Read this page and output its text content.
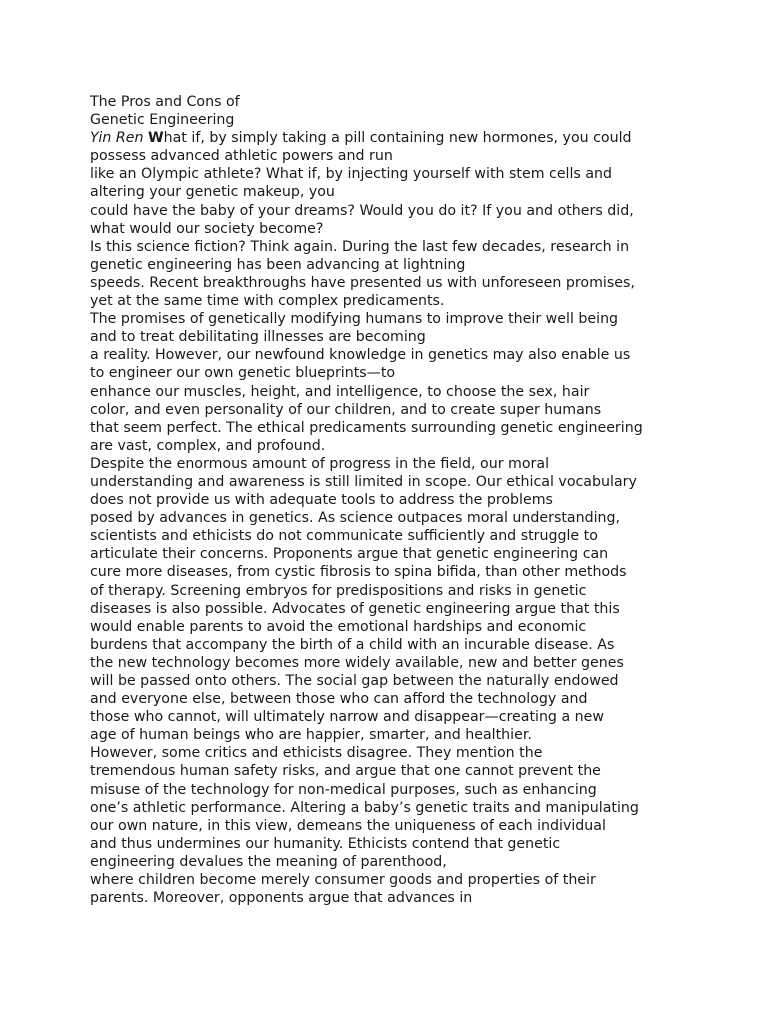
The Pros and Cons of
Genetic Engineering
Yin Ren What if, by simply taking a pill containing new hormones, you could
possess advanced athletic powers and run
like an Olympic athlete? What if, by injecting yourself with stem cells and
altering your genetic makeup, you
could have the baby of your dreams? Would you do it? If you and others did,
what would our society become?
Is this science fiction? Think again. During the last few decades, research in
genetic engineering has been advancing at lightning
speeds. Recent breakthroughs have presented us with unforeseen promises,
yet at the same time with complex predicaments.
The promises of genetically modifying humans to improve their well being
and to treat debilitating illnesses are becoming
a reality. However, our newfound knowledge in genetics may also enable us
to engineer our own genetic blueprints—to
enhance our muscles, height, and intelligence, to choose the sex, hair
color, and even personality of our children, and to create super humans
that seem perfect. The ethical predicaments surrounding genetic engineering
are vast, complex, and profound.
Despite the enormous amount of progress in the field, our moral
understanding and awareness is still limited in scope. Our ethical vocabulary
does not provide us with adequate tools to address the problems
posed by advances in genetics. As science outpaces moral understanding,
scientists and ethicists do not communicate sufficiently and struggle to
articulate their concerns. Proponents argue that genetic engineering can
cure more diseases, from cystic fibrosis to spina bifida, than other methods
of therapy. Screening embryos for predispositions and risks in genetic
diseases is also possible. Advocates of genetic engineering argue that this
would enable parents to avoid the emotional hardships and economic
burdens that accompany the birth of a child with an incurable disease. As
the new technology becomes more widely available, new and better genes
will be passed onto others. The social gap between the naturally endowed
and everyone else, between those who can afford the technology and
those who cannot, will ultimately narrow and disappear—creating a new
age of human beings who are happier, smarter, and healthier.
However, some critics and ethicists disagree. They mention the
tremendous human safety risks, and argue that one cannot prevent the
misuse of the technology for non-medical purposes, such as enhancing
one’s athletic performance. Altering a baby’s genetic traits and manipulating
our own nature, in this view, demeans the uniqueness of each individual
and thus undermines our humanity. Ethicists contend that genetic
engineering devalues the meaning of parenthood,
where children become merely consumer goods and properties of their
parents. Moreover, opponents argue that advances in
